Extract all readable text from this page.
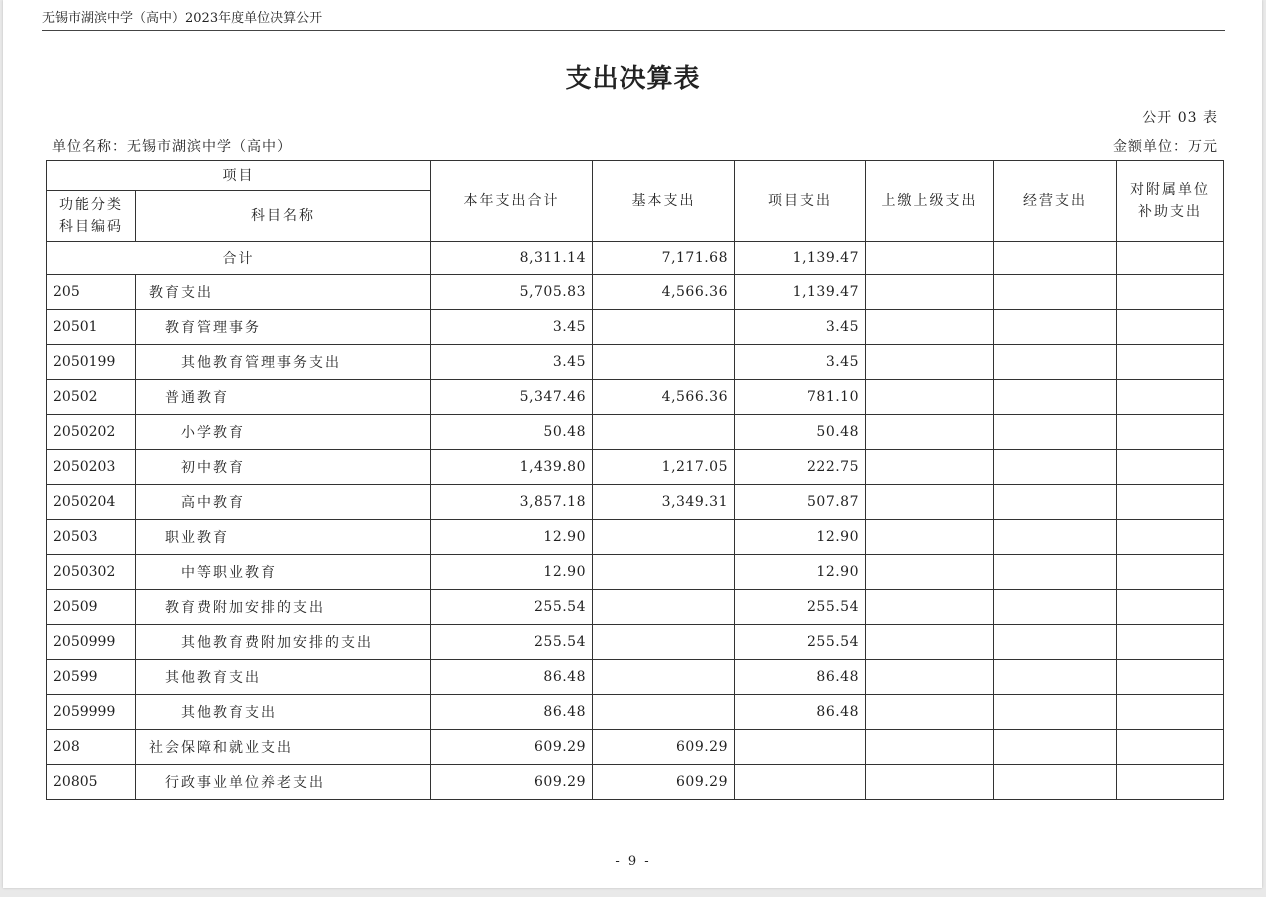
无锡市湖滨中学（高中）2023年度单位决算公开
支出决算表
公开 03 表
单位名称：无锡市湖滨中学（高中）	金额单位：万元
项目		本年支出合计	基本支出	项目支出	上缴上级支出	经营支出	对附属单位
补助支出
功能分类
科目编码	科目名称						
合计		8,311.14	7,171.68	1,139.47			
205	教育支出	5,705.83	4,566.36	1,139.47			
20501	教育管理事务	3.45		3.45			
2050199	其他教育管理事务支出	3.45		3.45			
20502	普通教育	5,347.46	4,566.36	781.10			
2050202	小学教育	50.48		50.48			
2050203	初中教育	1,439.80	1,217.05	222.75			
2050204	高中教育	3,857.18	3,349.31	507.87			
20503	职业教育	12.90		12.90			
2050302	中等职业教育	12.90		12.90			
20509	教育费附加安排的支出	255.54		255.54			
2050999	其他教育费附加安排的支出	255.54		255.54			
20599	其他教育支出	86.48		86.48			
2059999	其他教育支出	86.48		86.48			
208	社会保障和就业支出	609.29	609.29				
20805	行政事业单位养老支出	609.29	609.29				
- 9 -
